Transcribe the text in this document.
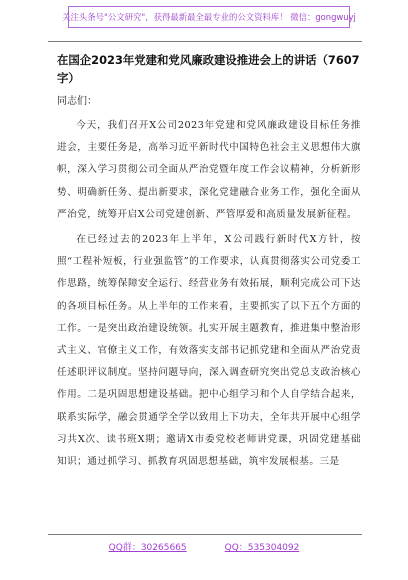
关注头条号"公文研究"，获得最新最全最专业的公文资料库！ 微信：gongwuyj

在国企2023年党建和党风廉政建设推进会上的讲话（7607字）

同志们：

今天，我们召开X公司2023年党建和党风廉政建设目标任务推进会，主要任务是，高举习近平新时代中国特色社会主义思想伟大旗帜，深入学习贯彻公司全面从严治党暨年度工作会议精神，分析新形势、明确新任务、提出新要求，深化党建融合业务工作，强化全面从严治党，统筹开启X公司党建创新、严管厚爱和高质量发展新征程。

在已经过去的2023年上半年，X公司践行新时代X方针，按照“工程补短板，行业强监管”的工作要求，认真贯彻落实公司党委工作思路，统筹保障安全运行、经营业务有效拓展，顺利完成公司下达的各项目标任务。从上半年的工作来看，主要抓实了以下五个方面的工作。一是突出政治建设统领。扎实开展主题教育，推进集中整治形式主义、官僚主义工作，有效落实支部书记抓党建和全面从严治党责任述职评议制度。坚持问题导向，深入调查研究突出党总支政治核心作用。二是巩固思想建设基础。把中心组学习和个人自学结合起来，联系实际学，融会贯通学全学以致用上下功夫，全年共开展中心组学习共X次、读书班X期；邀请X市委党校老师讲党课，巩固党建基础知识；通过抓学习、抓教育巩固思想基础，筑牢发展根基。三是

QQ群：30265665	QQ：535304092
